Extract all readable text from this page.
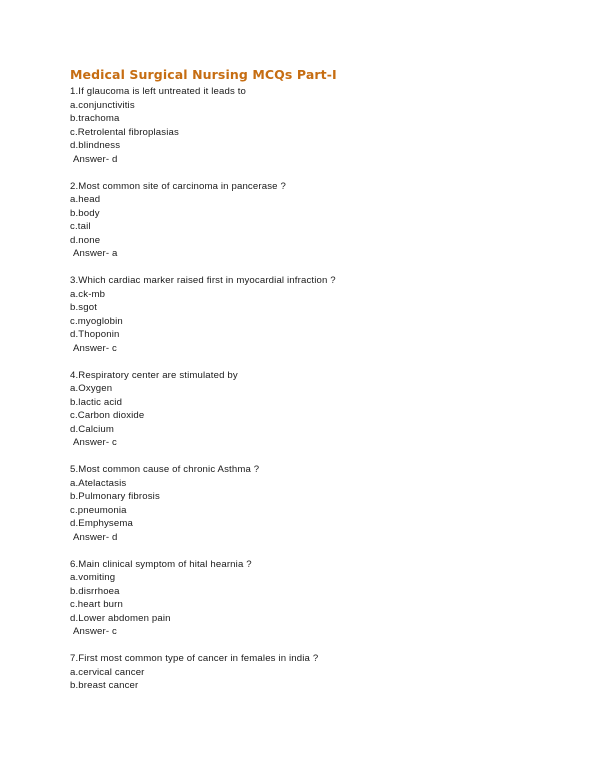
Medical Surgical Nursing MCQs Part-I
1.If glaucoma is left untreated it leads to
a.conjunctivitis
b.trachoma
c.Retrolental fibroplasias
d.blindness
Answer- d
2.Most common site of carcinoma in pancerase ?
a.head
b.body
c.tail
d.none
Answer- a
3.Which cardiac marker raised first in myocardial infraction ?
a.ck-mb
b.sgot
c.myoglobin
d.Thoponin
Answer- c
4.Respiratory center are stimulated by
a.Oxygen
b.lactic acid
c.Carbon dioxide
d.Calcium
Answer- c
5.Most common cause of chronic Asthma ?
a.Atelactasis
b.Pulmonary fibrosis
c.pneumonia
d.Emphysema
Answer- d
6.Main clinical symptom of hital hearnia ?
a.vomiting
b.disrrhoea
c.heart burn
d.Lower abdomen pain
Answer- c
7.First most common type of cancer in females in india ?
a.cervical cancer
b.breast cancer
